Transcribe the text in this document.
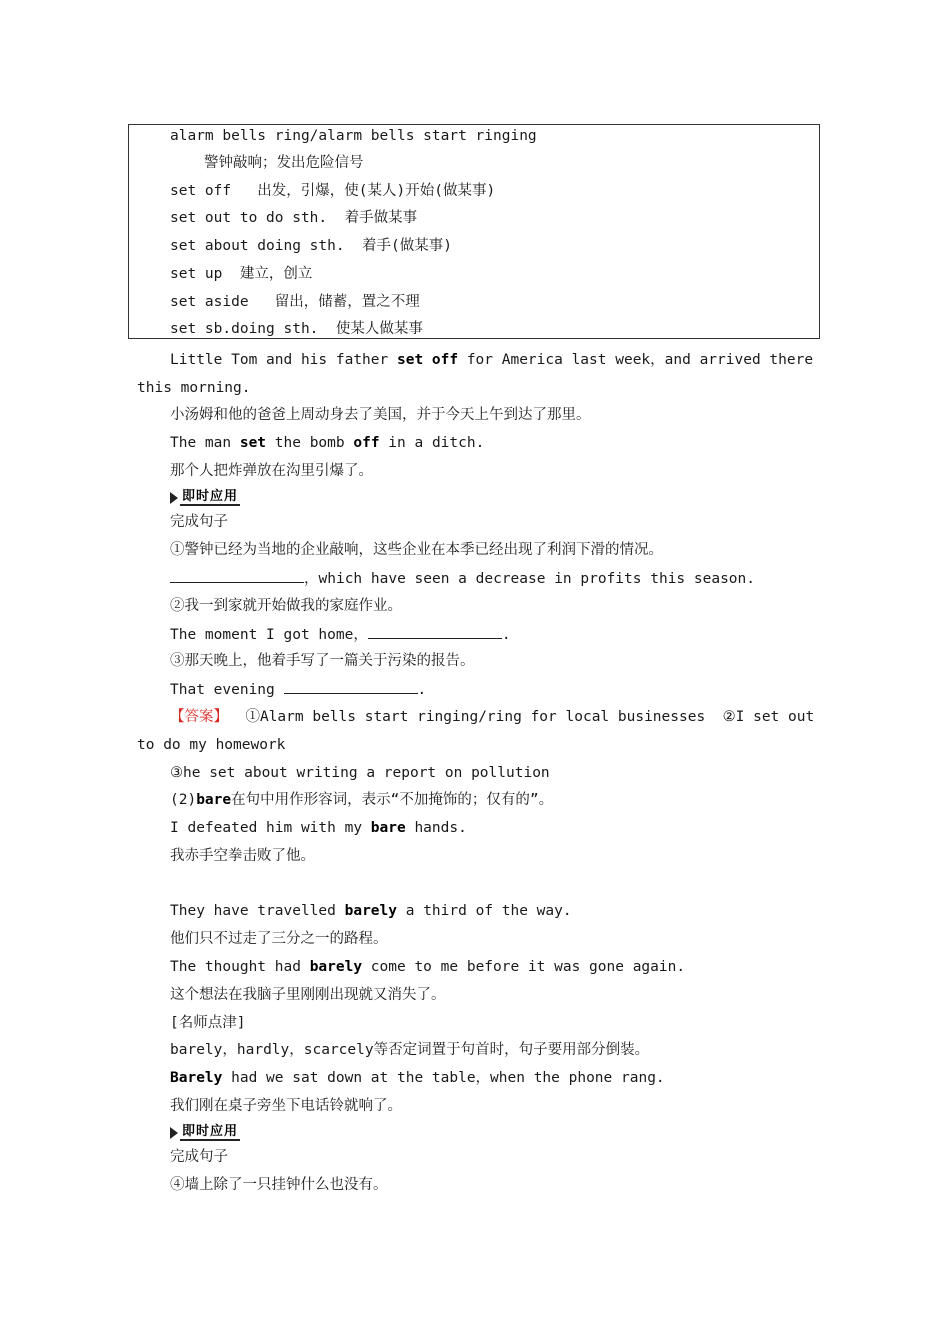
alarm bells ring/alarm bells start ringing
警钟敲响；发出危险信号
set off   出发，引爆，使(某人)开始(做某事)
set out to do sth.  着手做某事
set about doing sth.  着手(做某事)
set up  建立，创立
set aside   留出，储蓄，置之不理
set sb.doing sth.  使某人做某事
Little Tom and his father set off for America last week，and arrived there
this morning.
小汤姆和他的爸爸上周动身去了美国，并于今天上午到达了那里。
The man set the bomb off in a ditch.
那个人把炸弹放在沟里引爆了。
即时应用
完成句子
①警钟已经为当地的企业敲响，这些企业在本季已经出现了利润下滑的情况。
，which have seen a decrease in profits this season.
②我一到家就开始做我的家庭作业。
The moment I got home，	.
③那天晚上，他着手写了一篇关于污染的报告。
That evening	.
【答案】  ①Alarm bells start ringing/ring for local businesses  ②I set out
to do my homework
③he set about writing a report on pollution
(2)bare在句中用作形容词，表示“不加掩饰的；仅有的”。
I defeated him with my bare hands.
我赤手空拳击败了他。
They have travelled barely a third of the way.
他们只不过走了三分之一的路程。
The thought had barely come to me before it was gone again.
这个想法在我脑子里刚刚出现就又消失了。
[名师点津]
barely，hardly，scarcely等否定词置于句首时，句子要用部分倒装。
Barely had we sat down at the table，when the phone rang.
我们刚在桌子旁坐下电话铃就响了。
即时应用
完成句子
④墙上除了一只挂钟什么也没有。
